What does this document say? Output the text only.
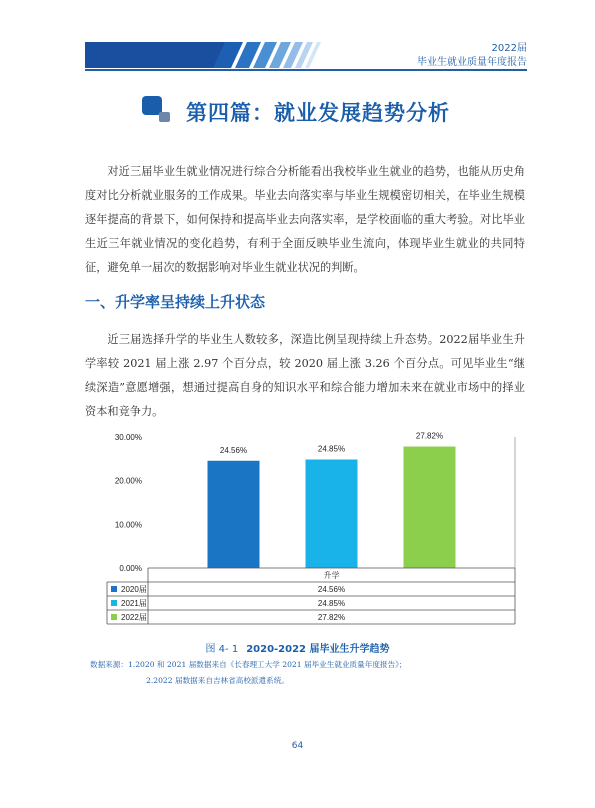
2022届
毕业生就业质量年度报告
第四篇：就业发展趋势分析

对近三届毕业生就业情况进行综合分析能看出我校毕业生就业的趋势，也能从历史角度对比分析就业服务的工作成果。毕业去向落实率与毕业生规模密切相关，在毕业生规模逐年提高的背景下，如何保持和提高毕业去向落实率，是学校面临的重大考验。对比毕业生近三年就业情况的变化趋势，有利于全面反映毕业生流向，体现毕业生就业的共同特征，避免单一届次的数据影响对毕业生就业状况的判断。

一、升学率呈持续上升状态

近三届选择升学的毕业生人数较多，深造比例呈现持续上升态势。2022届毕业生升学率较 2021 届上涨 2.97 个百分点，较 2020 届上涨 3.26 个百分点。可见毕业生“继续深造”意愿增强，想通过提高自身的知识水平和综合能力增加未来在就业市场中的择业资本和竞争力。

0.00%
10.00%
20.00%
30.00%
24.56%	24.85%
27.82%
升学
2020届	24.56%
2021届	24.85%
2022届	27.82%
图 4- 1 2020-2022 届毕业生升学趋势
数据来源：1.2020 和 2021 届数据来自《长春理工大学 2021 届毕业生就业质量年度报告》；
2.2022 届数据来自吉林省高校派遣系统。
64
